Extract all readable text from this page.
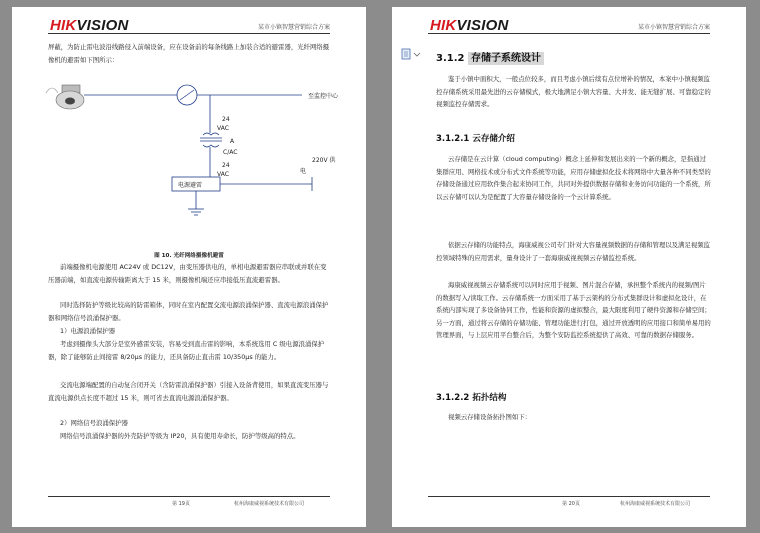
HIKVISION	某市小镇智慧营销综合方案
屏蔽，为防止雷电波沿线路侵入前端设备，应在设备前的每条线路上加装合适的避雷器，光纤网络摄像机的避雷如下图所示：
至监控中心
24
VAC
A
C/AC
24
VAC
电源避雷
220V 供
电
图 10. 光纤网络摄像机避雷
前端摄像机电源使用 AC24V 或 DC12V，由变压器供电的，单相电源避雷器应串联或并联在变压器前端，如直流电源传输距离大于 15 米，则摄像机端还应串接低压直流避雷器。
同时选择防护等级比较高的防雷箱体，同时在室内配置交流电源浪涌保护器、直流电源浪涌保护器和网络信号浪涌保护器。
1）电源浪涌保护器
考虑到摄像头大部分是室外感雷安装，容易受到直击雷的影响，本系统选用 C 级电源浪涌保护器，除了能够防止间接雷 8/20μs 的能力，还具备防止直击雷 10/350μs 的能力。
交流电源端配置的自动复合闭开关（含防雷浪涌保护器）引接入设备背使用，如果直流变压器与直流电源供点长度不超过 15 米，则可省去直流电源浪涌保护器。
2）网络信号浪涌保护器
网络信号浪涌保护器的外壳防护等级为 IP20，具有使用寿命长，防护等级高的特点。
第 19页	杭州海康威视系统技术有限公司
HIKVISION	某市小镇智慧营销综合方案
3.1.2 存储子系统设计
鉴于小镇中面积大，一般点位较多，而且考虑小镇后续有点位增补的情况，本案中小镇视频监控存储系统采用最先进的云存储模式，极大地满足小镇大容量、大并发、能无缝扩展、可靠稳定的视频监控存储需求。
3.1.2.1 云存储介绍
云存储是在云计算（cloud computing）概念上延伸和发展出来的一个新的概念，是指通过集群应用、网格技术或分布式文件系统等功能，应用存储虚拟化技术将网络中大量各种不同类型的存储设备通过应用软件集合起来协同工作，共同对外提供数据存储和业务访问功能的一个系统，所以云存储可以认为是配置了大容量存储设备的一个云计算系统。
依据云存储的功能特点，海康威视公司专门针对大容量视频数据的存储和管理以及满足视频监控领域特殊的应用需求，量身设计了一套海康威视视频云存储监控系统。
海康威视视频云存储系统可以同时应用于视频、图片混合存储，承担整个系统内的视频/图片的数据写入/读取工作。云存储系统一方面采用了基于云架构的分布式集群设计和虚拟化设计，在系统内部实现了多设备协同工作，性能和资源的虚拟整合，最大限度利用了硬件资源和存储空间；另一方面，通过将云存储的存储功能、管理功能进行打包，通过开放透明的应用接口和简单易用的管理界面，与上层应用平台整合后，为整个安防监控系统提供了高效、可靠的数据存储服务。
3.1.2.2 拓扑结构
视频云存储设备拓扑图如下：
第 20页	杭州海康威视系统技术有限公司
